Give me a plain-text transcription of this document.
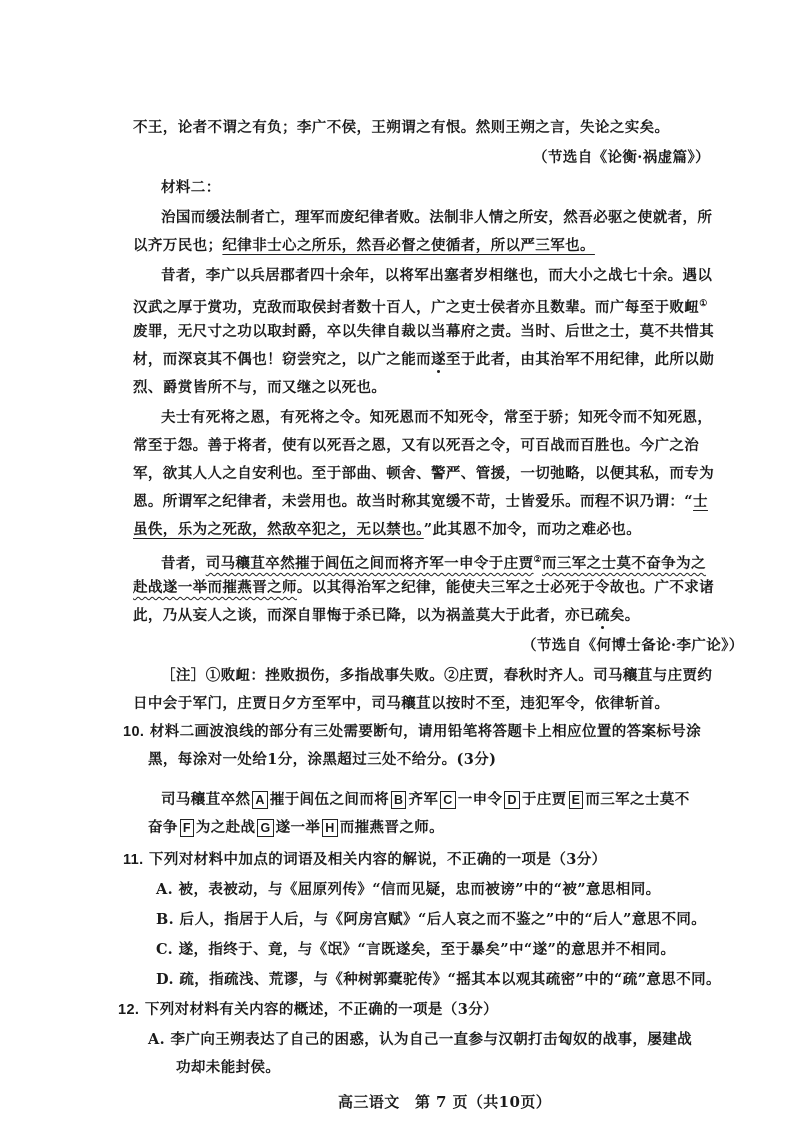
不王，论者不谓之有负；李广不侯，王朔谓之有恨。然则王朔之言，失论之实矣。
（节选自《论衡·祸虚篇》）
材料二：
治国而缓法制者亡，理军而废纪律者败。法制非人情之所安，然吾必驱之使就者，所
以齐万民也；纪律非士心之所乐，然吾必督之使循者，所以严三军也。
昔者，李广以兵居郡者四十余年，以将军出塞者岁相继也，而大小之战七十余。遇以
汉武之厚于赏功，克敌而取侯封者数十百人，广之吏士侯者亦且数辈。而广每至于败衄①
废罪，无尺寸之功以取封爵，卒以失律自裁以当幕府之责。当时、后世之士，莫不共惜其
材，而深哀其不偶也！窃尝究之，以广之能而遂至于此者，由其治军不用纪律，此所以勋
烈、爵赏皆所不与，而又继之以死也。
夫士有死将之恩，有死将之令。知死恩而不知死令，常至于骄；知死令而不知死恩，
常至于怨。善于将者，使有以死吾之恩，又有以死吾之令，可百战而百胜也。今广之治
军，欲其人人之自安利也。至于部曲、顿舍、警严、管援，一切弛略，以便其私，而专为
恩。所谓军之纪律者，未尝用也。故当时称其宽缓不苛，士皆爱乐。而程不识乃谓：“士
虽佚，乐为之死敌，然敌卒犯之，无以禁也。”此其恩不加令，而功之难必也。
昔者，司马穰苴卒然摧于闾伍之间而将齐军一申令于庄贾②而三军之士莫不奋争为之
赴战遂一举而摧燕晋之师。以其得治军之纪律，能使夫三军之士必死于令故也。广不求诸
此，乃从妄人之谈，而深自罪悔于杀已降，以为祸盖莫大于此者，亦已疏矣。
（节选自《何博士备论·李广论》）
［注］①败衄：挫败损伤，多指战事失败。②庄贾，春秋时齐人。司马穰苴与庄贾约
日中会于军门，庄贾日夕方至军中，司马穰苴以按时不至，违犯军令，依律斩首。
10. 材料二画波浪线的部分有三处需要断句，请用铅笔将答题卡上相应位置的答案标号涂
黑，每涂对一处给1分，涂黑超过三处不给分。(3分)
司马穰苴卒然 A 摧于闾伍之间而将 B 齐军 C 一申令 D 于庄贾 E 而三军之士莫不
奋争 F 为之赴战 G 遂一举 H 而摧燕晋之师。
11. 下列对材料中加点的词语及相关内容的解说，不正确的一项是（3分）
A. 被，表被动，与《屈原列传》“信而见疑，忠而被谤”中的“被”意思相同。
B. 后人，指居于人后，与《阿房宫赋》“后人哀之而不鉴之”中的“后人”意思不同。
C. 遂，指终于、竟，与《氓》“言既遂矣，至于暴矣”中“遂”的意思并不相同。
D. 疏，指疏浅、荒谬，与《种树郭橐驼传》“摇其本以观其疏密”中的“疏”意思不同。
12. 下列对材料有关内容的概述，不正确的一项是（3分）
A. 李广向王朔表达了自己的困惑，认为自己一直参与汉朝打击匈奴的战事，屡建战
功却未能封侯。
高三语文　第 7 页（共10页）
